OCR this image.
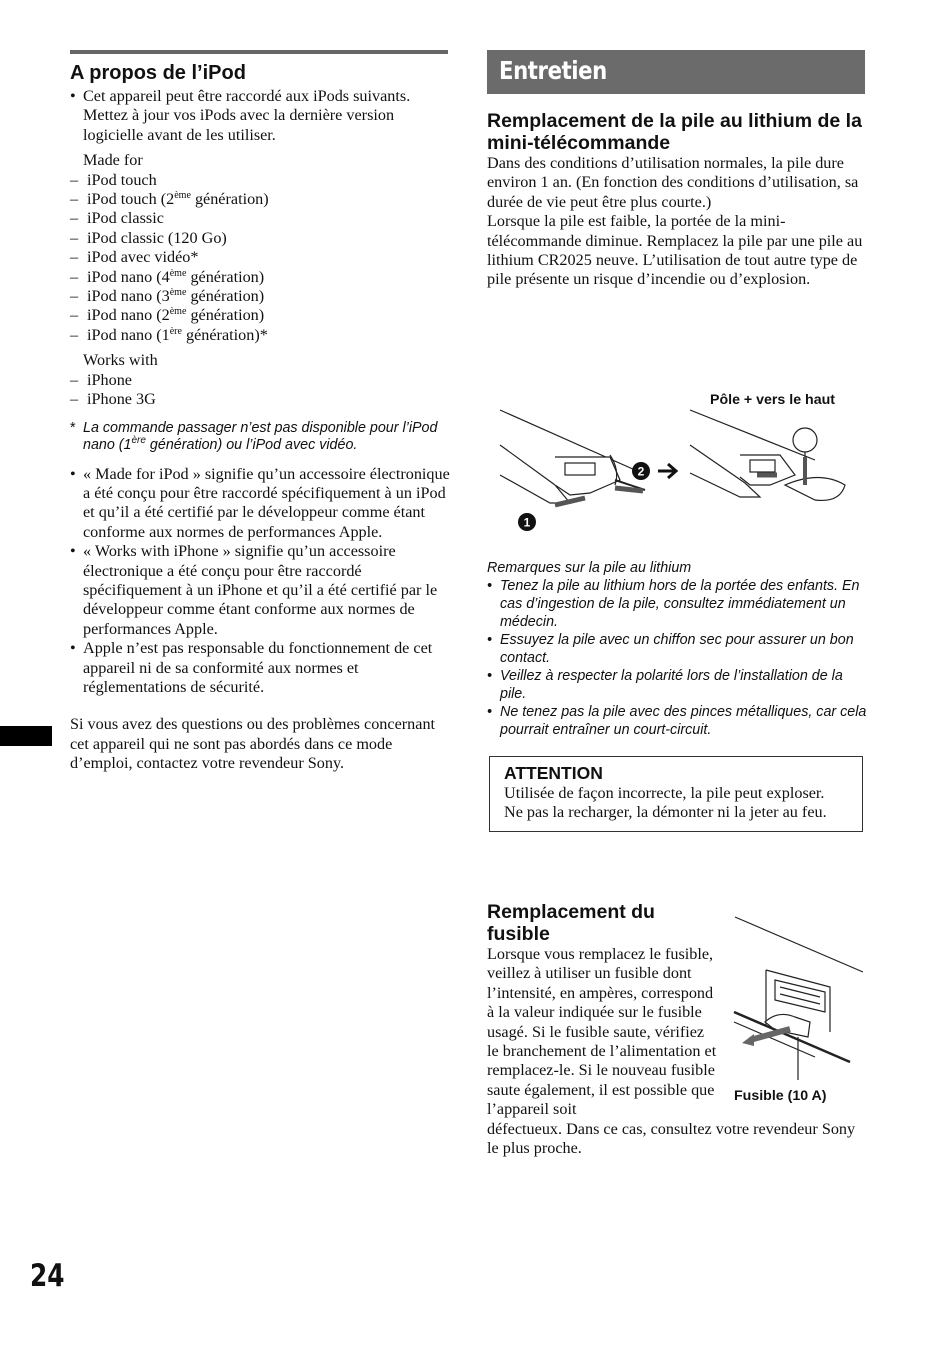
A propos de l’iPod
• Cet appareil peut être raccordé aux iPods suivants. Mettez à jour vos iPods avec la dernière version logicielle avant de les utiliser.
Made for
– iPod touch
– iPod touch (2ème génération)
– iPod classic
– iPod classic (120 Go)
– iPod avec vidéo*
– iPod nano (4ème génération)
– iPod nano (3ème génération)
– iPod nano (2ème génération)
– iPod nano (1ère génération)*
Works with
– iPhone
– iPhone 3G
* La commande passager n’est pas disponible pour l’iPod nano (1ère génération) ou l’iPod avec vidéo.
• « Made for iPod » signifie qu’un accessoire électronique a été conçu pour être raccordé spécifiquement à un iPod et qu’il a été certifié par le développeur comme étant conforme aux normes de performances Apple.
• « Works with iPhone » signifie qu’un accessoire électronique a été conçu pour être raccordé spécifiquement à un iPhone et qu’il a été certifié par le développeur comme étant conforme aux normes de performances Apple.
• Apple n’est pas responsable du fonctionnement de cet appareil ni de sa conformité aux normes et réglementations de sécurité.
Si vous avez des questions ou des problèmes concernant cet appareil qui ne sont pas abordés dans ce mode d’emploi, contactez votre revendeur Sony.
Entretien
Remplacement de la pile au lithium de la mini-télécommande
Dans des conditions d’utilisation normales, la pile dure environ 1 an. (En fonction des conditions d’utilisation, sa durée de vie peut être plus courte.)
Lorsque la pile est faible, la portée de la mini-télécommande diminue. Remplacez la pile par une pile au lithium CR2025 neuve. L’utilisation de tout autre type de pile présente un risque d’incendie ou d’explosion.
2
1
Pôle + vers le haut
Remarques sur la pile au lithium
• Tenez la pile au lithium hors de la portée des enfants. En cas d’ingestion de la pile, consultez immédiatement un médecin.
• Essuyez la pile avec un chiffon sec pour assurer un bon contact.
• Veillez à respecter la polarité lors de l’installation de la pile.
• Ne tenez pas la pile avec des pinces métalliques, car cela pourrait entraîner un court-circuit.
ATTENTION
Utilisée de façon incorrecte, la pile peut exploser.
Ne pas la recharger, la démonter ni la jeter au feu.
Remplacement du fusible
Lorsque vous remplacez le fusible, veillez à utiliser un fusible dont l’intensité, en ampères, correspond à la valeur indiquée sur le fusible usagé. Si le fusible saute, vérifiez le branchement de l’alimentation et remplacez-le. Si le nouveau fusible saute également, il est possible que l’appareil soit
défectueux. Dans ce cas, consultez votre revendeur Sony le plus proche.
Fusible (10 A)
24
